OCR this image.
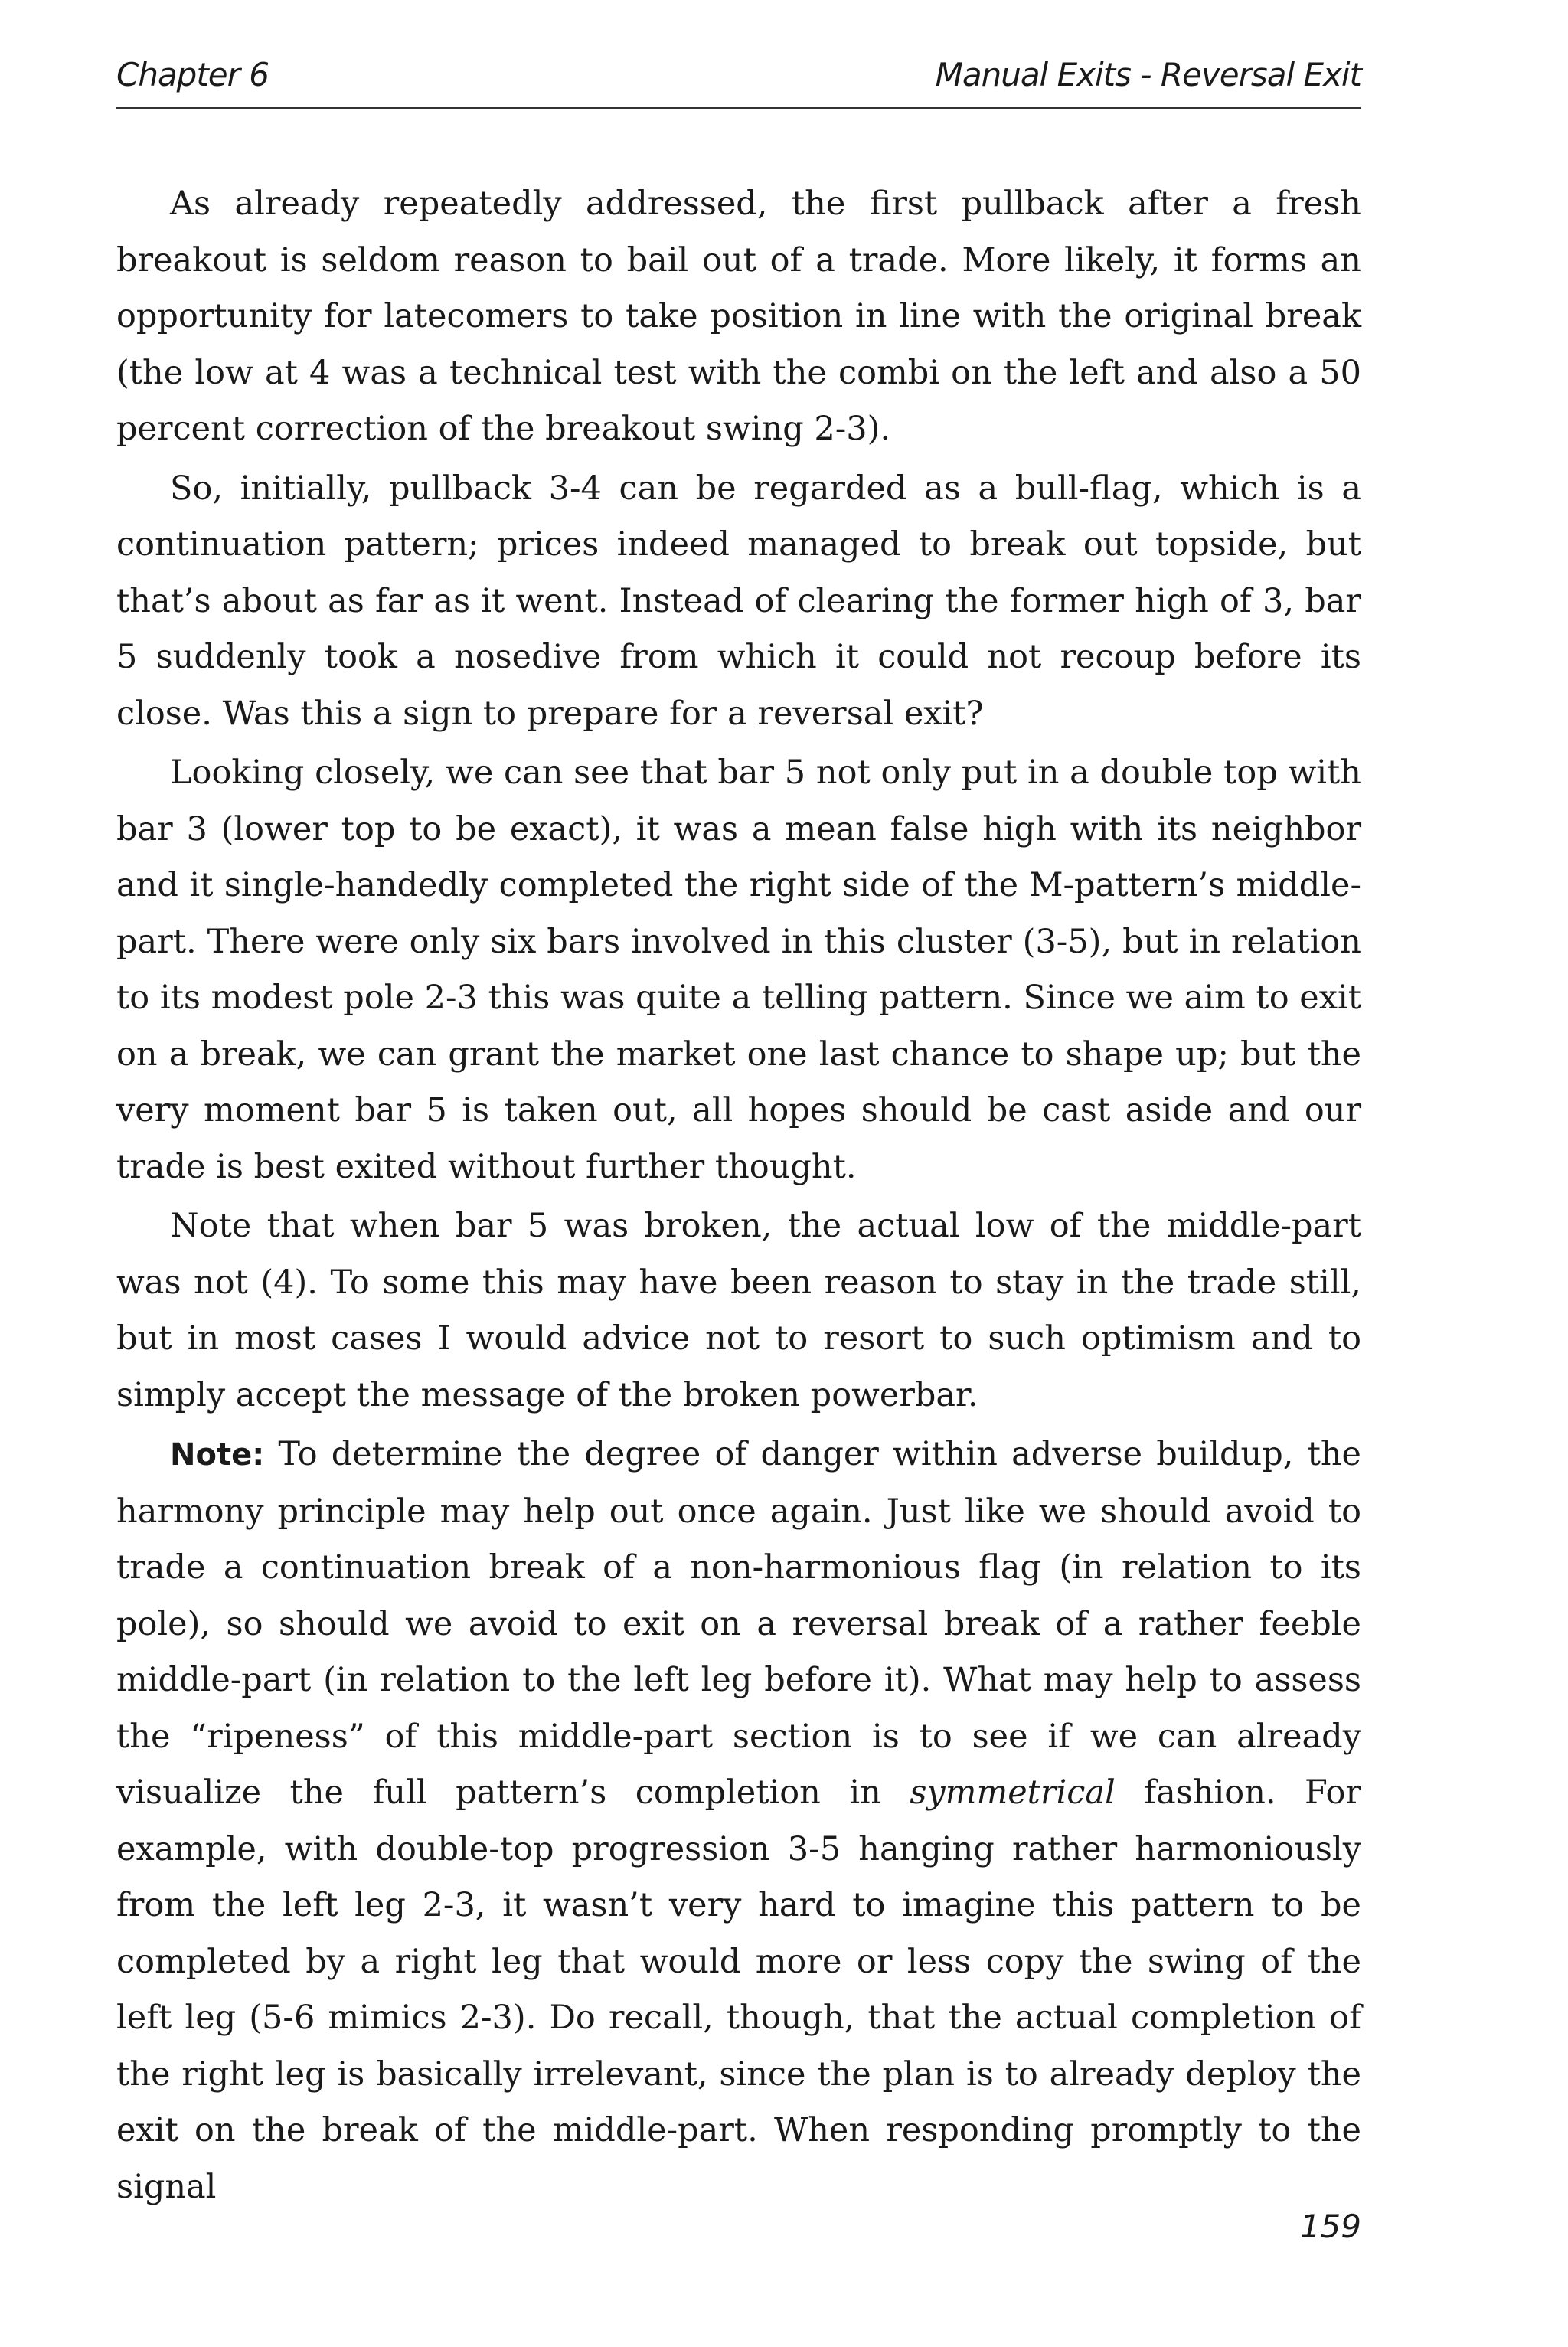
Chapter 6	Manual Exits - Reversal Exit

As already repeatedly addressed, the first pullback after a fresh breakout is seldom reason to bail out of a trade. More likely, it forms an opportunity for latecomers to take position in line with the original break (the low at 4 was a technical test with the combi on the left and also a 50 percent correction of the breakout swing 2-3).

So, initially, pullback 3-4 can be regarded as a bull-flag, which is a continuation pattern; prices indeed managed to break out topside, but that’s about as far as it went. Instead of clearing the former high of 3, bar 5 suddenly took a nosedive from which it could not recoup before its close. Was this a sign to prepare for a reversal exit?

Looking closely, we can see that bar 5 not only put in a double top with bar 3 (lower top to be exact), it was a mean false high with its neighbor and it single-handedly completed the right side of the M-pattern’s middle-part. There were only six bars involved in this cluster (3-5), but in relation to its modest pole 2-3 this was quite a telling pattern. Since we aim to exit on a break, we can grant the market one last chance to shape up; but the very moment bar 5 is taken out, all hopes should be cast aside and our trade is best exited without further thought.

Note that when bar 5 was broken, the actual low of the middle-part was not (4). To some this may have been reason to stay in the trade still, but in most cases I would advice not to resort to such optimism and to simply accept the message of the broken powerbar.

Note: To determine the degree of danger within adverse buildup, the harmony principle may help out once again. Just like we should avoid to trade a continuation break of a non-harmonious flag (in relation to its pole), so should we avoid to exit on a reversal break of a rather feeble middle-part (in relation to the left leg before it). What may help to assess the “ripeness” of this middle-part section is to see if we can already visualize the full pattern’s completion in symmetrical fashion. For example, with double-top progression 3-5 hanging rather harmoniously from the left leg 2-3, it wasn’t very hard to imagine this pattern to be completed by a right leg that would more or less copy the swing of the left leg (5-6 mimics 2-3). Do recall, though, that the actual completion of the right leg is basically irrelevant, since the plan is to already deploy the exit on the break of the middle-part. When responding promptly to the signal

159
